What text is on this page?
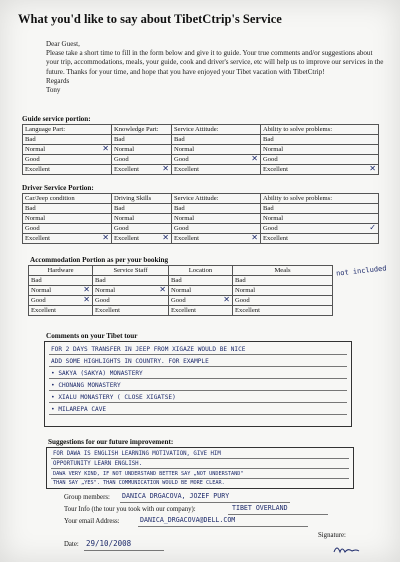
What you'd like to say about TibetCtrip's Service

Dear Guest,

Please take a short time to fill in the form below and give it to guide. Your true comments and/or suggestions about your trip, accommodations, meals, your guide, cook and driver's service, etc will help us to improve our services in the future. Thanks for your time, and hope that you have enjoyed your Tibet vacation with TibetCtrip!

Regards

Tony

Guide service portion:
Language Part:	Knowledge Part:	Service Attitude:	Ability to solve problems:
Bad	Bad	Bad	Bad
Normal ✕	Normal	Normal	Normal
Good	Good	Good ✕	Good
Excellent	Excellent ✕	Excellent	Excellent ✕
Driver Service Portion:
Car/Jeep condition	Driving Skills	Service Attitude:	Ability to solve problems:
Bad	Bad	Bad	Bad
Normal	Normal	Normal	Normal
Good	Good	Good	Good ✓

Excellent ✕	Excellent ✕	Excellent ✕	Excellent
Accommodation Portion as per your booking
not included
Hardware	Service Staff	Location	Meals
Bad	Bad	Bad	Bad
Normal ✕	Normal ✕	Normal	Normal
Good ✕	Good	Good ✕	Good
Excellent	Excellent	Excellent	Excellent
Comments on your Tibet tour
FOR 2 DAYS TRANSFER IN JEEP FROM XIGAZE WOULD BE NICE
ADD SOME HIGHLIGHTS IN COUNTRY. FOR EXAMPLE
• SAKYA (SAKYA) MONASTERY
• CHONANG MONASTERY
• XIALU MONASTERY ( CLOSE XIGATSE)
• MILAREPA CAVE
Suggestions for our future improvement:
FOR DAWA IS ENGLISH LEARNING MOTIVATION, GIVE HIM
OPPORTUNITY LEARN ENGLISH.
DAWA VERY KIND, IF NOT UNDERSTAND BETTER SAY „NOT UNDERSTAND"
THAN SAY „YES". THAN COMMUNICATION WOULD BE MORE CLEAR.
Group members: DANICA DRGACOVA, JOZEF PURY
Tour Info (the tour you took with our company):	TIBET OVERLAND
Your email Address:	DANICA_DRGACOVA@DELL.COM
Signature:
Date: 29/10/2008
